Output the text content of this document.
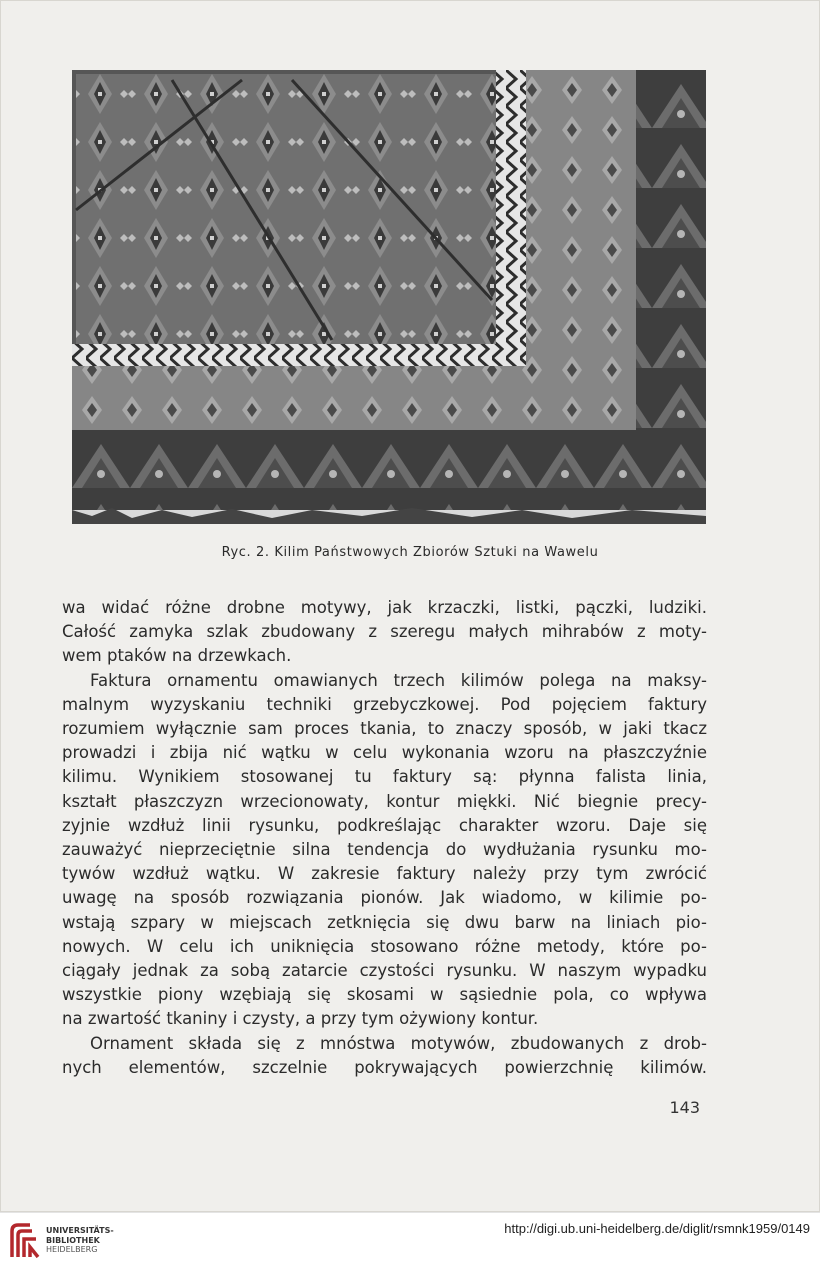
Ryc. 2. Kilim Państwowych Zbiorów Sztuki na Wawelu
wa widać różne drobne motywy, jak krzaczki, listki, pączki, ludziki.
Całość zamyka szlak zbudowany z szeregu małych mihrabów z moty-
wem ptaków na drzewkach.
Faktura ornamentu omawianych trzech kilimów polega na maksy-
malnym wyzyskaniu techniki grzebyczkowej. Pod pojęciem faktury
rozumiem wyłącznie sam proces tkania, to znaczy sposób, w jaki tkacz
prowadzi i zbija nić wątku w celu wykonania wzoru na płaszczyźnie
kilimu. Wynikiem stosowanej tu faktury są: płynna falista linia,
kształt płaszczyzn wrzecionowaty, kontur miękki. Nić biegnie precy-
zyjnie wzdłuż linii rysunku, podkreślając charakter wzoru. Daje się
zauważyć nieprzeciętnie silna tendencja do wydłużania rysunku mo-
tywów wzdłuż wątku. W zakresie faktury należy przy tym zwrócić
uwagę na sposób rozwiązania pionów. Jak wiadomo, w kilimie po-
wstają szpary w miejscach zetknięcia się dwu barw na liniach pio-
nowych. W celu ich uniknięcia stosowano różne metody, które po-
ciągały jednak za sobą zatarcie czystości rysunku. W naszym wypadku
wszystkie piony wzębiają się skosami w sąsiednie pola, co wpływa
na zwartość tkaniny i czysty, a przy tym ożywiony kontur.
Ornament składa się z mnóstwa motywów, zbudowanych z drob-
nych elementów, szczelnie pokrywających powierzchnię kilimów.
143
UNIVERSITÄTS-
BIBLIOTHEK
HEIDELBERG
http://digi.ub.uni-heidelberg.de/diglit/rsmnk1959/0149
